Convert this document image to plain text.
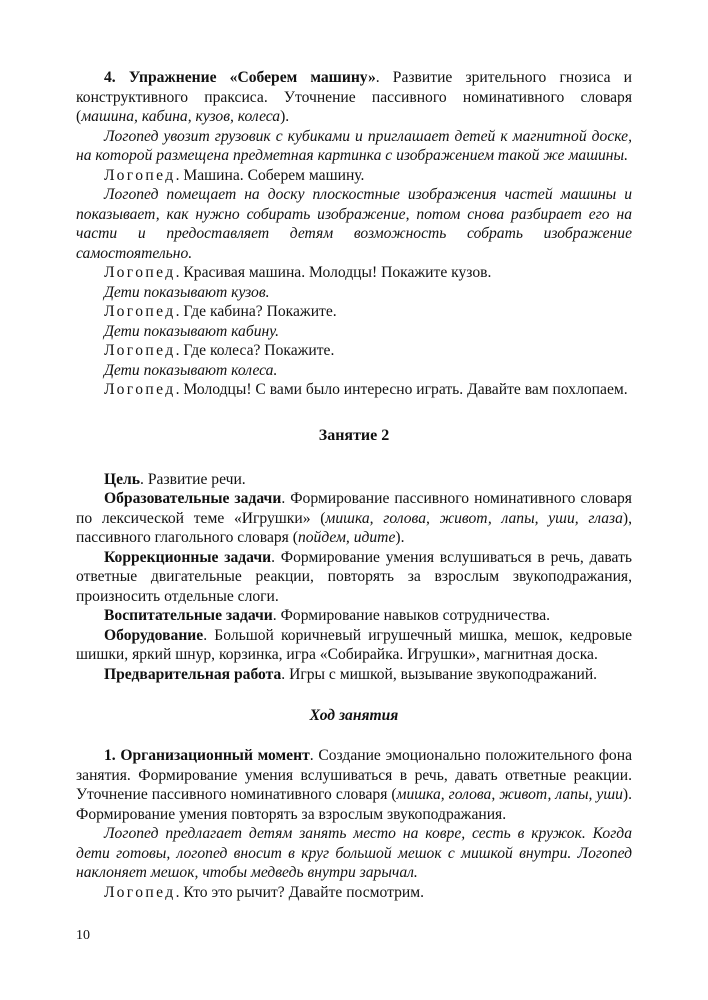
4. Упражнение «Соберем машину». Развитие зрительного гнозиса и конструктивного праксиса. Уточнение пассивного номинативного словаря (машина, кабина, кузов, колеса).

Логопед увозит грузовик с кубиками и приглашает детей к магнитной доске, на которой размещена предметная картинка с изображением такой же машины.

Логопед. Машина. Соберем машину.

Логопед помещает на доску плоскостные изображения частей машины и показывает, как нужно собирать изображение, потом снова разбирает его на части и предоставляет детям возможность собрать изображение самостоятельно.

Логопед. Красивая машина. Молодцы! Покажите кузов.

Дети показывают кузов.

Логопед. Где кабина? Покажите.

Дети показывают кабину.

Логопед. Где колеса? Покажите.

Дети показывают колеса.

Логопед. Молодцы! С вами было интересно играть. Давайте вам похлопаем.

Занятие 2

Цель. Развитие речи.

Образовательные задачи. Формирование пассивного номинативного словаря по лексической теме «Игрушки» (мишка, голова, живот, лапы, уши, глаза), пассивного глагольного словаря (пойдем, идите).

Коррекционные задачи. Формирование умения вслушиваться в речь, давать ответные двигательные реакции, повторять за взрослым звукоподражания, произносить отдельные слоги.

Воспитательные задачи. Формирование навыков сотрудничества.

Оборудование. Большой коричневый игрушечный мишка, мешок, кедровые шишки, яркий шнур, корзинка, игра «Собирайка. Игрушки», магнитная доска.

Предварительная работа. Игры с мишкой, вызывание звукоподражаний.

Ход занятия

1. Организационный момент. Создание эмоционально положительного фона занятия. Формирование умения вслушиваться в речь, давать ответные реакции. Уточнение пассивного номинативного словаря (мишка, голова, живот, лапы, уши). Формирование умения повторять за взрослым звукоподражания.

Логопед предлагает детям занять место на ковре, сесть в кружок. Когда дети готовы, логопед вносит в круг большой мешок с мишкой внутри. Логопед наклоняет мешок, чтобы медведь внутри зарычал.

Логопед. Кто это рычит? Давайте посмотрим.

10
